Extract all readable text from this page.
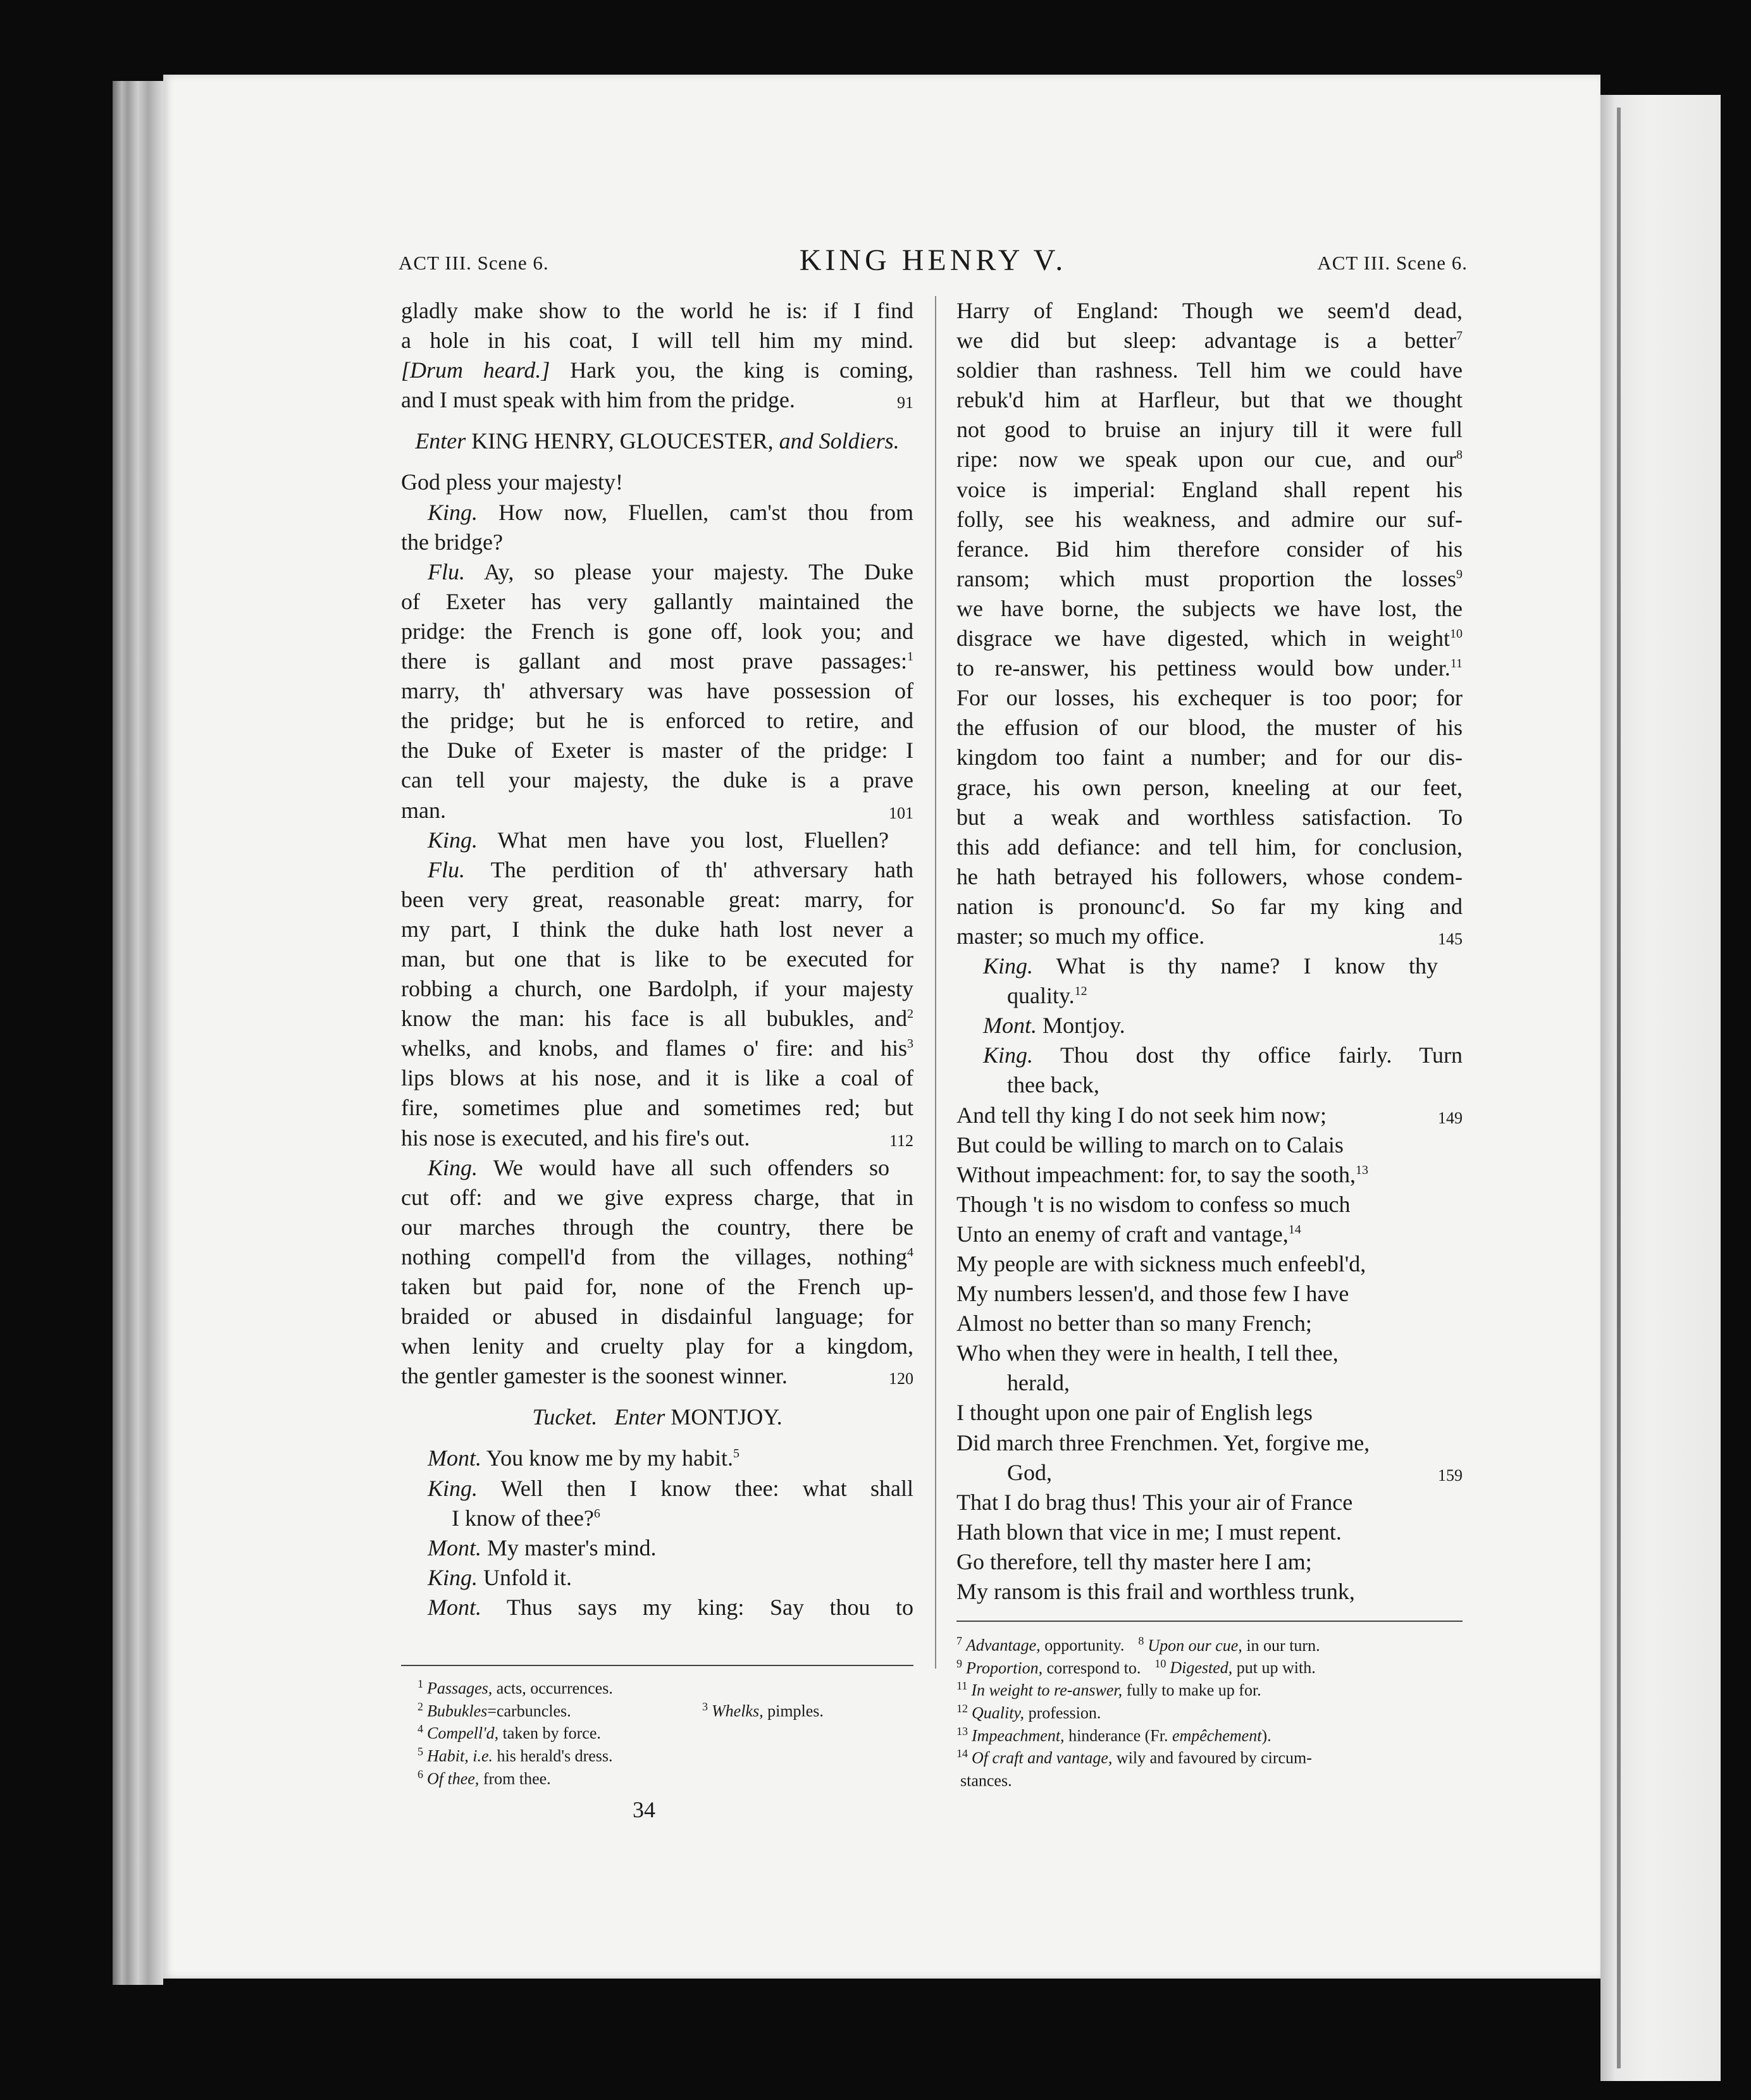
ACT III. Scene 6.	KING HENRY V.	ACT III. Scene 6.
gladly make show to the world he is: if I find
a hole in his coat, I will tell him my mind.
[Drum heard.] Hark you, the king is coming,
and I must speak with him from the pridge.	91
Enter KING HENRY, GLOUCESTER, and Soldiers.
God pless your majesty!
King. How now, Fluellen, cam'st thou from
the bridge?
Flu. Ay, so please your majesty. The Duke
of Exeter has very gallantly maintained the
pridge: the French is gone off, look you; and
there is gallant and most prave passages:$^1$
marry, th' athversary was have possession of
the pridge; but he is enforced to retire, and
the Duke of Exeter is master of the pridge: I
can tell your majesty, the duke is a prave
man.	101
King. What men have you lost, Fluellen?
Flu. The perdition of th' athversary hath
been very great, reasonable great: marry, for
my part, I think the duke hath lost never a
man, but one that is like to be executed for
robbing a church, one Bardolph, if your majesty
know the man: his face is all bubukles, and$^2$
whelks, and knobs, and flames o' fire: and his$^3$
lips blows at his nose, and it is like a coal of
fire, sometimes plue and sometimes red; but
his nose is executed, and his fire's out.	112
King. We would have all such offenders so
cut off: and we give express charge, that in
our marches through the country, there be
nothing compell'd from the villages, nothing$^4$
taken but paid for, none of the French up-
braided or abused in disdainful language; for
when lenity and cruelty play for a kingdom,
the gentler gamester is the soonest winner.	120
Tucket. Enter MONTJOY.
Mont. You know me by my habit.$^5$
King. Well then I know thee: what shall
I know of thee?$^6$
Mont. My master's mind.
King. Unfold it.
Mont. Thus says my king: Say thou to
Harry of England: Though we seem'd dead,
we did but sleep: advantage is a better$^7$
soldier than rashness. Tell him we could have
rebuk'd him at Harfleur, but that we thought
not good to bruise an injury till it were full
ripe: now we speak upon our cue, and our$^8$
voice is imperial: England shall repent his
folly, see his weakness, and admire our suf-
ferance. Bid him therefore consider of his
ransom; which must proportion the losses$^9$
we have borne, the subjects we have lost, the
disgrace we have digested, which in weight$^{10}$
to re-answer, his pettiness would bow under.$^{11}$
For our losses, his exchequer is too poor; for
the effusion of our blood, the muster of his
kingdom too faint a number; and for our dis-
grace, his own person, kneeling at our feet,
but a weak and worthless satisfaction. To
this add defiance: and tell him, for conclusion,
he hath betrayed his followers, whose condem-
nation is pronounc'd. So far my king and
master; so much my office.	145
King. What is thy name? I know thy
quality.$^{12}$
Mont. Montjoy.
King. Thou dost thy office fairly. Turn
thee back,
And tell thy king I do not seek him now;	149
But could be willing to march on to Calais
Without impeachment: for, to say the sooth,$^{13}$
Though 't is no wisdom to confess so much
Unto an enemy of craft and vantage,$^{14}$
My people are with sickness much enfeebl'd,
My numbers lessen'd, and those few I have
Almost no better than so many French;
Who when they were in health, I tell thee,
herald,
I thought upon one pair of English legs
Did march three Frenchmen. Yet, forgive me,
God,	159
That I do brag thus! This your air of France
Hath blown that vice in me; I must repent.
Go therefore, tell thy master here I am;
My ransom is this frail and worthless trunk,
$^1$ Passages, acts, occurrences.
$^2$ Bubukles=carbuncles.	$^3$ Whelks, pimples.
$^4$ Compell'd, taken by force.
$^5$ Habit, i.e. his herald's dress.
$^6$ Of thee, from thee.
$^7$ Advantage, opportunity. $^8$ Upon our cue, in our turn.
$^9$ Proportion, correspond to. $^{10}$ Digested, put up with.
$^{11}$ In weight to re-answer, fully to make up for.
$^{12}$ Quality, profession.
$^{13}$ Impeachment, hinderance (Fr. empêchement).
$^{14}$ Of craft and vantage, wily and favoured by circum-
stances.
34
